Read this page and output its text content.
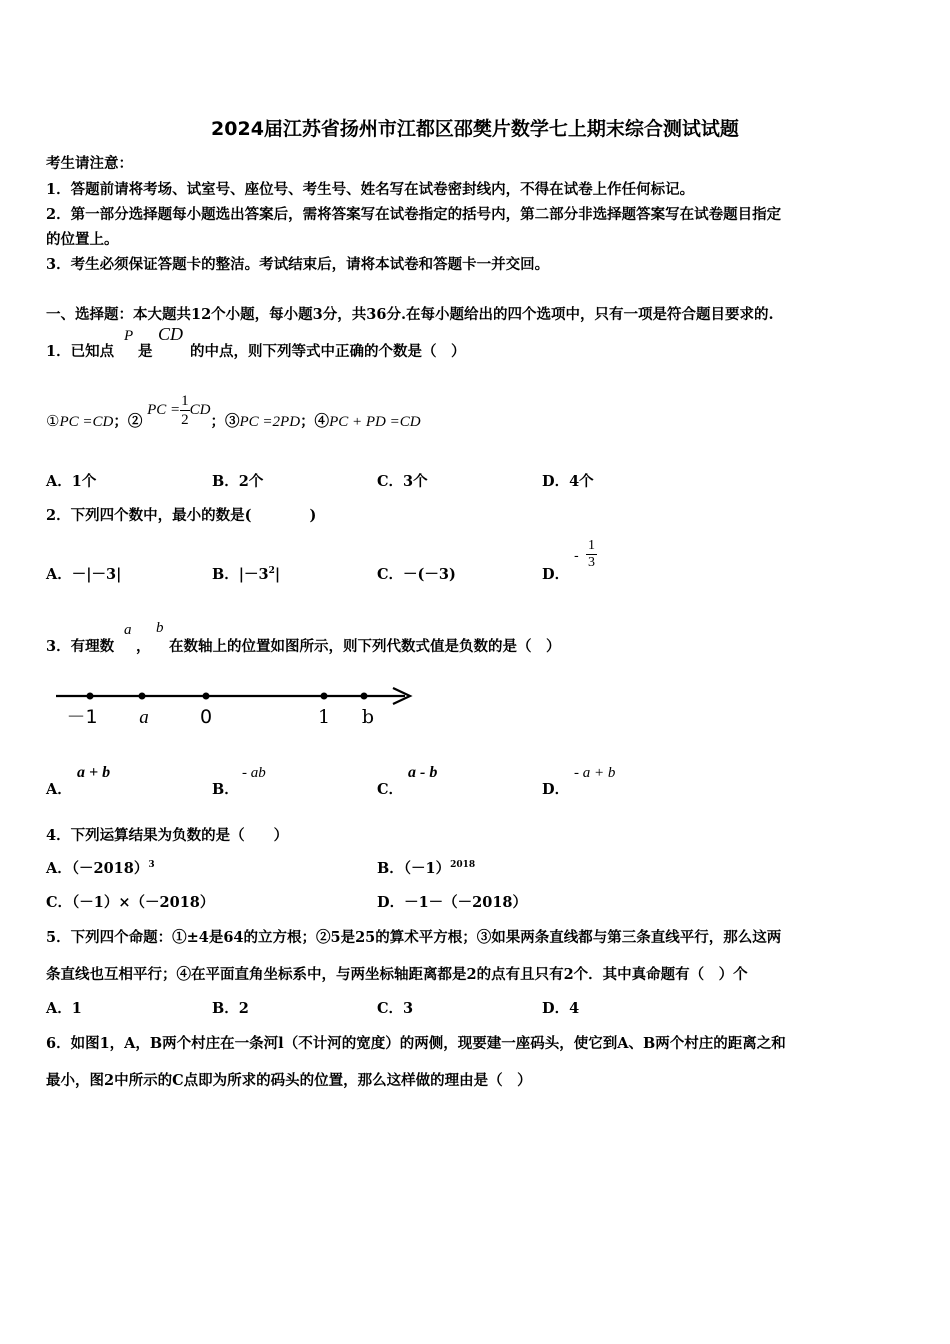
2024届江苏省扬州市江都区邵樊片数学七上期末综合测试试题
考生请注意：
1．答题前请将考场、试室号、座位号、考生号、姓名写在试卷密封线内，不得在试卷上作任何标记。
2．第一部分选择题每小题选出答案后，需将答案写在试卷指定的括号内，第二部分非选择题答案写在试卷题目指定
的位置上。
3．考生必须保证答题卡的整洁。考试结束后，请将本试卷和答题卡一并交回。
一、选择题：本大题共12个小题，每小题3分，共36分.在每小题给出的四个选项中，只有一项是符合题目要求的.
1．已知点
P
是
CD
的中点，则下列等式中正确的个数是（　）
①PC =CD；② PC = $\frac{1}{2}$ CD；③PC =2PD；④PC + PD =CD
A．1个	B．2个	C．3个	D．4个
2．下列四个数中，最小的数是(　　　　)
A．－|－3|	B．$|-3^2|$	C．－(－3)	D．
- $\frac{1}{3}$
3．有理数
a
，
b
在数轴上的位置如图所示，则下列代数式值是负数的是（　）
－1 a	0	1 b
A．
a + b
B．
- ab
C．
a - b
D．
- a + b
4．下列运算结果为负数的是（　　）
A．$(-2018)^3$	B．$(-1)^{2018}$
C．（－1）×（－2018）	D．－1－（－2018）
5．下列四个命题：①±4是64的立方根；②5是25的算术平方根；③如果两条直线都与第三条直线平行，那么这两
条直线也互相平行；④在平面直角坐标系中，与两坐标轴距离都是2的点有且只有2个．其中真命题有（　）个
A．1	B．2	C．3	D．4
6．如图1，A，B两个村庄在一条河l（不计河的宽度）的两侧，现要建一座码头，使它到A、B两个村庄的距离之和
最小，图2中所示的C点即为所求的码头的位置，那么这样做的理由是（　）
